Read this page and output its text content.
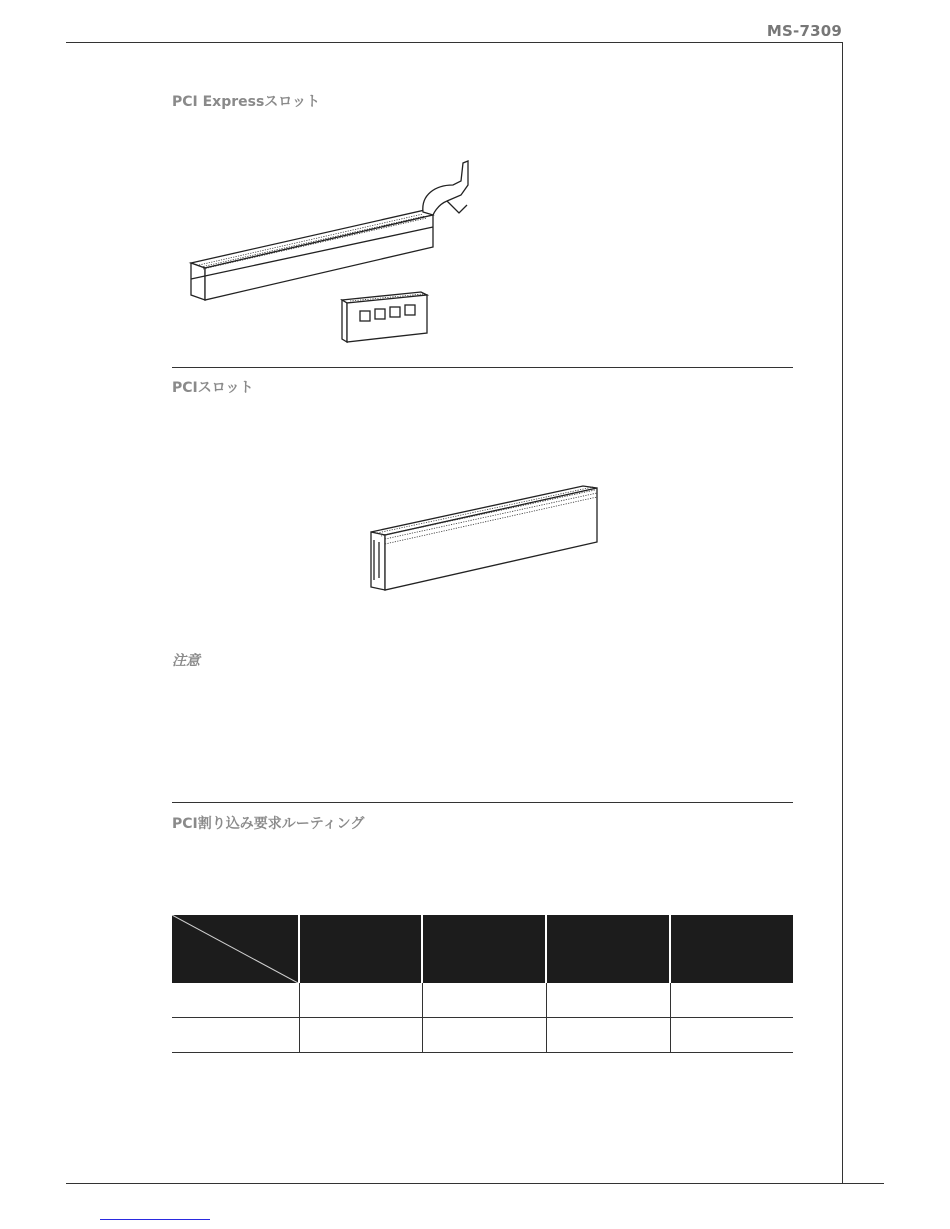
MS-7309
PCI Expressスロット
PCIスロット
注意
PCI割り込み要求ルーティング
